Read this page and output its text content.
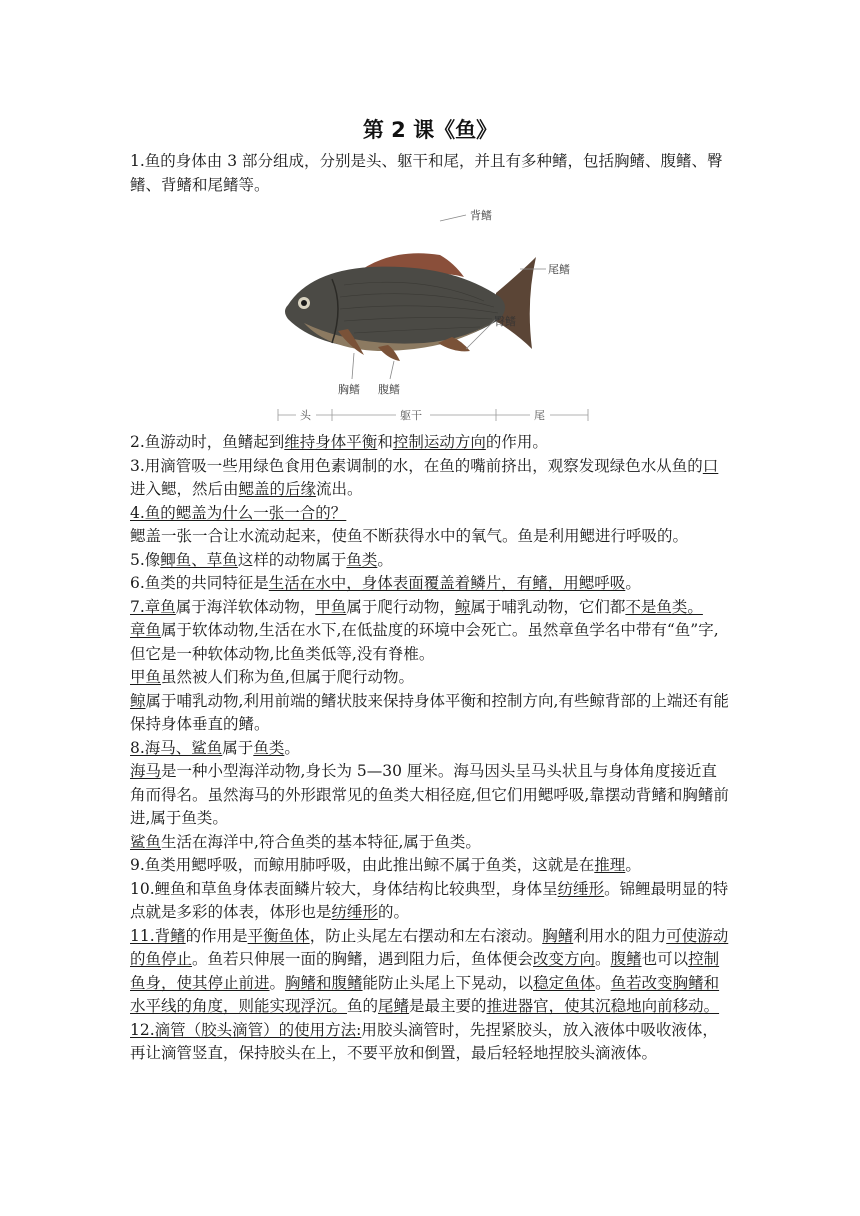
第 2 课《鱼》

1.鱼的身体由 3 部分组成，分别是头、躯干和尾，并且有多种鳍，包括胸鳍、腹鳍、臀鳍、背鳍和尾鳍等。

背鳍
尾鳍
臀鳍
胸鳍 腹鳍
头	躯干	尾

2.鱼游动时，鱼鳍起到维持身体平衡和控制运动方向的作用。

3.用滴管吸一些用绿色食用色素调制的水，在鱼的嘴前挤出，观察发现绿色水从鱼的口进入鳃，然后由鳃盖的后缘流出。

4.鱼的鳃盖为什么一张一合的？

鳃盖一张一合让水流动起来，使鱼不断获得水中的氧气。鱼是利用鳃进行呼吸的。

5.像鲫鱼、草鱼这样的动物属于鱼类。

6.鱼类的共同特征是生活在水中，身体表面覆盖着鳞片，有鳍，用鳃呼吸。

7.章鱼属于海洋软体动物，甲鱼属于爬行动物，鲸属于哺乳动物，它们都不是鱼类。

章鱼属于软体动物,生活在水下,在低盐度的环境中会死亡。虽然章鱼学名中带有“鱼”字,但它是一种软体动物,比鱼类低等,没有脊椎。

甲鱼虽然被人们称为鱼,但属于爬行动物。

鲸属于哺乳动物,利用前端的鳍状肢来保持身体平衡和控制方向,有些鲸背部的上端还有能保持身体垂直的鳍。

8.海马、鲨鱼属于鱼类。

海马是一种小型海洋动物,身长为 5—30 厘米。海马因头呈马头状且与身体角度接近直角而得名。虽然海马的外形跟常见的鱼类大相径庭,但它们用鳃呼吸,靠摆动背鳍和胸鳍前进,属于鱼类。

鲨鱼生活在海洋中,符合鱼类的基本特征,属于鱼类。

9.鱼类用鳃呼吸，而鲸用肺呼吸，由此推出鲸不属于鱼类，这就是在推理。

10.鲤鱼和草鱼身体表面鳞片较大，身体结构比较典型，身体呈纺缍形。锦鲤最明显的特点就是多彩的体表，体形也是纺缍形的。

11.背鳍的作用是平衡鱼体，防止头尾左右摆动和左右滚动。胸鳍利用水的阻力可使游动的鱼停止。鱼若只伸展一面的胸鳍，遇到阻力后，鱼体便会改变方向。腹鳍也可以控制鱼身，使其停止前进。胸鳍和腹鳍能防止头尾上下晃动，以稳定鱼体。鱼若改变胸鳍和水平线的角度，则能实现浮沉。鱼的尾鳍是最主要的推进器官，使其沉稳地向前移动。

12.滴管（胶头滴管）的使用方法:用胶头滴管时，先捏紧胶头，放入液体中吸收液体，再让滴管竖直，保持胶头在上，不要平放和倒置，最后轻轻地捏胶头滴液体。
